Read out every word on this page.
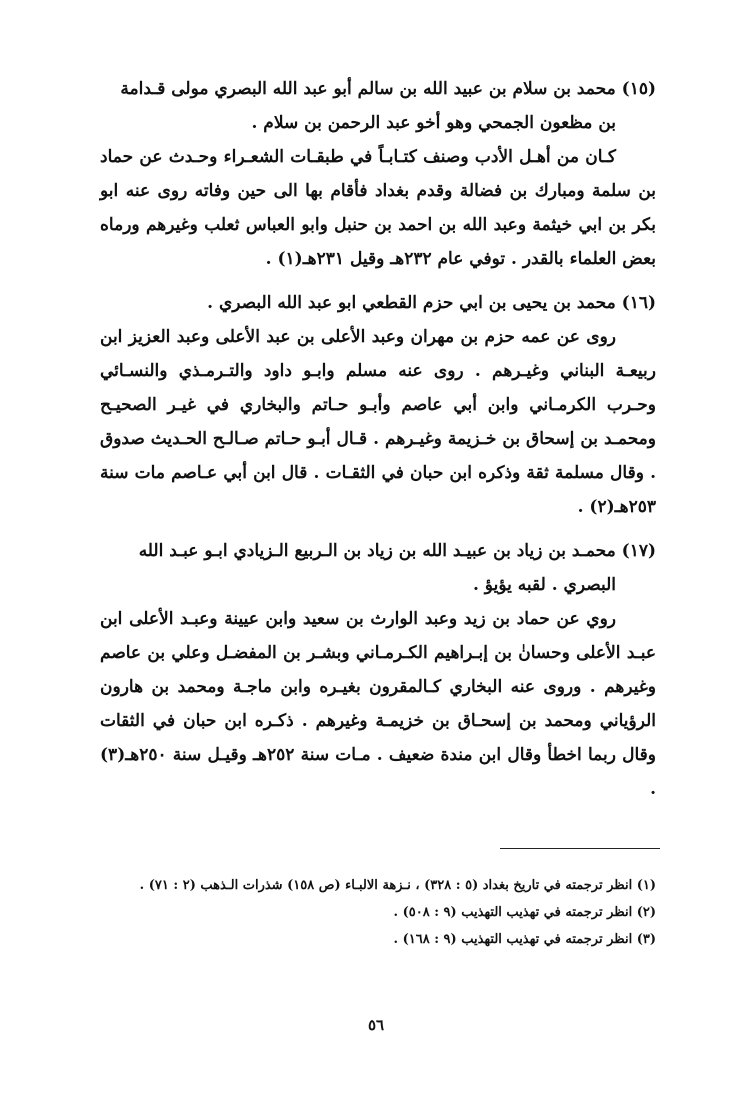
(١٥) محمد بن سلام بن عبيد الله بن سالم أبو عبد الله البصري مولى قـدامة

بن مظعون الجمحي وهو أخو عبد الرحمن بن سلام .

كـان من أهـل الأدب وصنف كتـابـاً في طبقـات الشعـراء وحـدث عن حماد بن سلمة ومبارك بن فضالة وقدم بغداد فأقام بها الى حين وفاته روى عنه ابو بكر بن ابي خيثمة وعبد الله بن احمد بن حنبل وابو العباس ثعلب وغيرهم ورماه بعض العلماء بالقدر . توفي عام ٢٣٢هـ وقيل ٢٣١هـ(١) .

(١٦) محمد بن يحيى بن ابي حزم القطعي ابو عبد الله البصري .

روى عن عمه حزم بن مهران وعبد الأعلى بن عبد الأعلى وعبد العزيز ابن ربيعـة البناني وغيـرهم . روى عنه مسلم وابـو داود والتـرمـذي والنسـائي وحـرب الكرمـاني وابن أبي عاصم وأبـو حـاتم والبخاري في غيـر الصحيـح ومحمـد بن إسحاق بن خـزيمة وغيـرهم . قـال أبـو حـاتم صـالـح الحـديث صدوق . وقال مسلمة ثقة وذكره ابن حبان في الثقـات . قال ابن أبي عـاصم مات سنة ٢٥٣هـ(٢) .

(١٧) محمـد بن زياد بن عبيـد الله بن زياد بن الـربيع الـزيادي ابـو عبـد الله

البصري . لقبه يؤيؤ .

روي عن حماد بن زيد وعبد الوارث بن سعيد وابن عيينة وعبـد الأعلى ابن عبـد الأعلى وحسانٰ بن إبـراهيم الكـرمـاني وبشـر بن المفضـل وعلي بن عاصم وغيرهم . وروى عنه البخاري كـالمقرون بغيـره وابن ماجـة ومحمد بن هارون الرؤياني ومحمد بن إسحـاق بن خزيمـة وغيرهم . ذكـره ابن حبان في الثقات وقال ربما اخطأ وقال ابن مندة ضعيف . مـات سنة ٢٥٢هـ وقيـل سنة ٢٥٠هـ(٣) .

(١) انظر ترجمته في تاريخ بغداد (٥ : ٣٢٨) ، نـزهة الالبـاء (ص ١٥٨) شذرات الـذهب (٢ : ٧١) .

(٢) انظر ترجمته في تهذيب التهذيب (٩ : ٥٠٨) .

(٣) انظر ترجمته في تهذيب التهذيب (٩ : ١٦٨) .

٥٦
